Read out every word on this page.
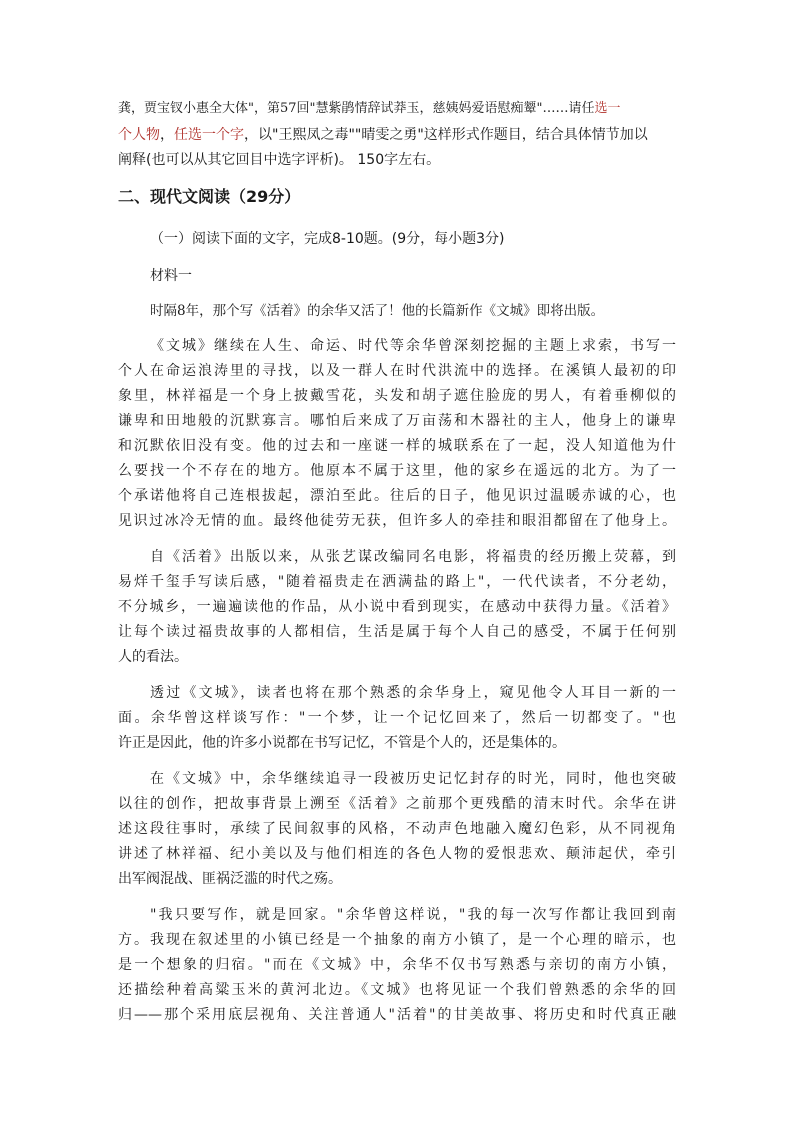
龚，贾宝钗小惠全大体"，第57回"慧紫鹃情辞试莽玉，慈姨妈爱语慰痴颦"……请任选一
个人物，任选一个字，以"王熙凤之毒""晴雯之勇"这样形式作题目，结合具体情节加以
阐释(也可以从其它回目中选字评析)。 150字左右。
二、现代文阅读（29分）
（一）阅读下面的文字，完成8-10题。(9分，每小题3分)
材料一
时隔8年，那个写《活着》的余华又活了！他的长篇新作《文城》即将出版。
《文城》继续在人生、命运、时代等余华曾深刻挖掘的主题上求索，书写一
个人在命运浪涛里的寻找，以及一群人在时代洪流中的选择。在溪镇人最初的印
象里，林祥福是一个身上披戴雪花，头发和胡子遮住脸庞的男人，有着垂柳似的
谦卑和田地般的沉默寡言。哪怕后来成了万亩荡和木器社的主人，他身上的谦卑
和沉默依旧没有变。他的过去和一座谜一样的城联系在了一起，没人知道他为什
么要找一个不存在的地方。他原本不属于这里，他的家乡在遥远的北方。为了一
个承诺他将自己连根拔起，漂泊至此。往后的日子，他见识过温暖赤诚的心，也
见识过冰冷无情的血。最终他徒劳无获，但许多人的牵挂和眼泪都留在了他身上。
自《活着》出版以来，从张艺谋改编同名电影，将福贵的经历搬上荧幕，到
易烊千玺手写读后感，"随着福贵走在洒满盐的路上"，一代代读者，不分老幼，
不分城乡，一遍遍读他的作品，从小说中看到现实，在感动中获得力量。《活着》
让每个读过福贵故事的人都相信，生活是属于每个人自己的感受，不属于任何别
人的看法。
透过《文城》，读者也将在那个熟悉的余华身上，窥见他令人耳目一新的一
面。余华曾这样谈写作："一个梦，让一个记忆回来了，然后一切都变了。"也
许正是因此，他的许多小说都在书写记忆，不管是个人的，还是集体的。
在《文城》中，余华继续追寻一段被历史记忆封存的时光，同时，他也突破
以往的创作，把故事背景上溯至《活着》之前那个更残酷的清末时代。余华在讲
述这段往事时，承续了民间叙事的风格，不动声色地融入魔幻色彩，从不同视角
讲述了林祥福、纪小美以及与他们相连的各色人物的爱恨悲欢、颠沛起伏，牵引
出军阀混战、匪祸泛滥的时代之殇。
"我只要写作，就是回家。"余华曾这样说，"我的每一次写作都让我回到南
方。我现在叙述里的小镇已经是一个抽象的南方小镇了，是一个心理的暗示，也
是一个想象的归宿。"而在《文城》中，余华不仅书写熟悉与亲切的南方小镇，
还描绘种着高粱玉米的黄河北边。《文城》也将见证一个我们曾熟悉的余华的回
归——那个采用底层视角、关注普通人"活着"的甘美故事、将历史和时代真正融
